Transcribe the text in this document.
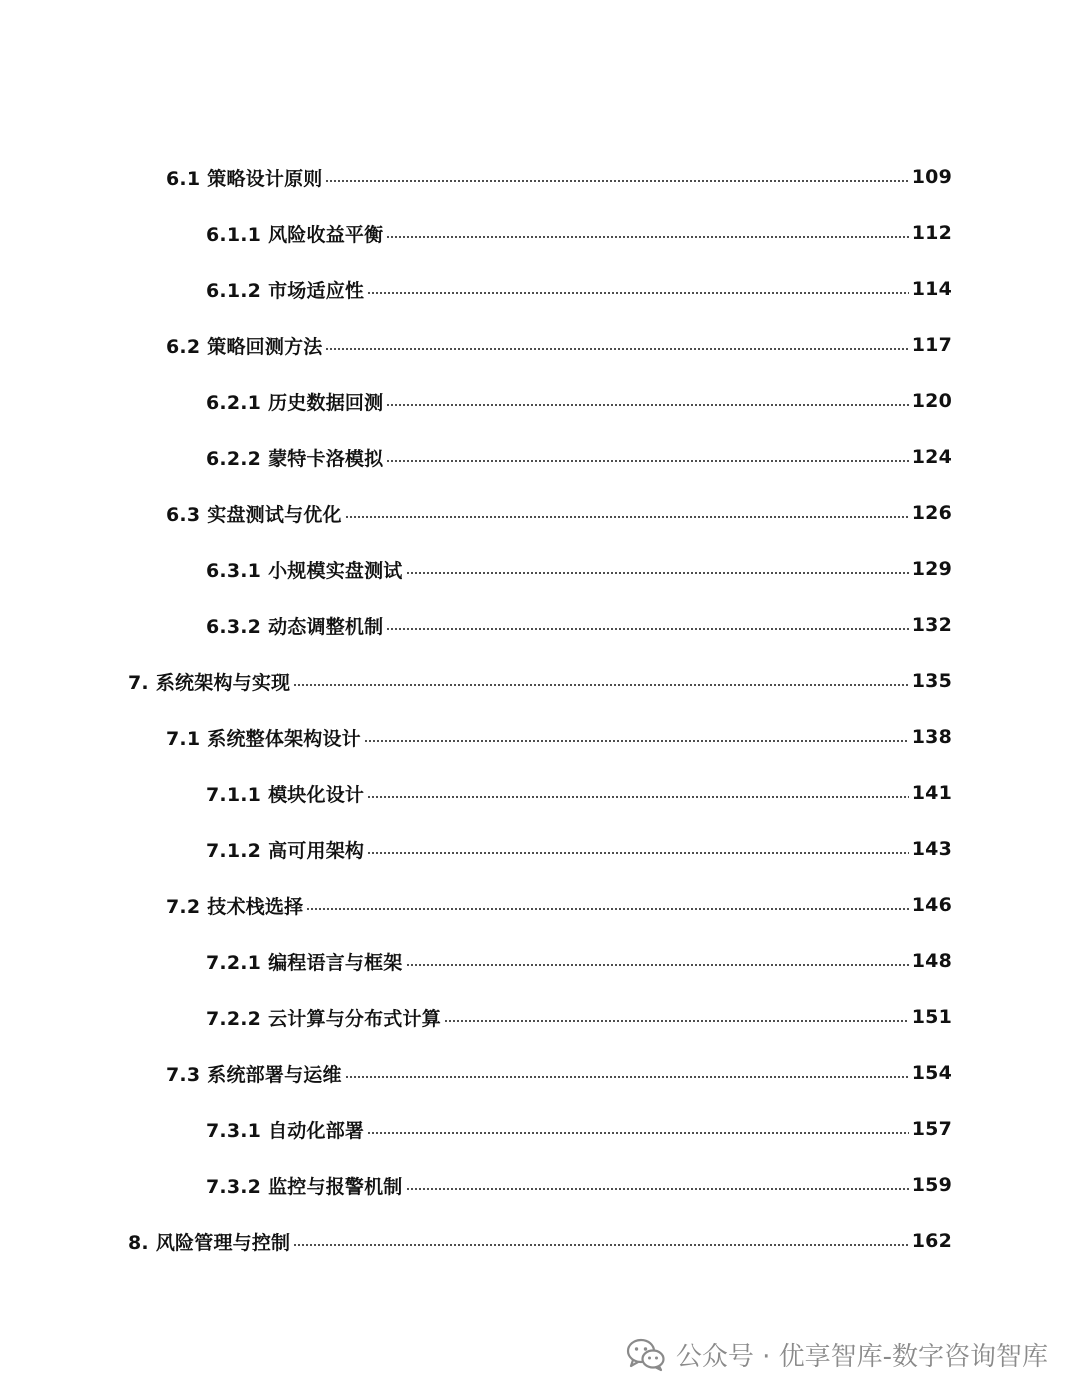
6.1 策略设计原则	109
6.1.1 风险收益平衡	112
6.1.2 市场适应性	114
6.2 策略回测方法	117
6.2.1 历史数据回测	120
6.2.2 蒙特卡洛模拟	124
6.3 实盘测试与优化	126
6.3.1 小规模实盘测试	129
6.3.2 动态调整机制	132
7. 系统架构与实现	135
7.1 系统整体架构设计	138
7.1.1 模块化设计	141
7.1.2 高可用架构	143
7.2 技术栈选择	146
7.2.1 编程语言与框架	148
7.2.2 云计算与分布式计算	151
7.3 系统部署与运维	154
7.3.1 自动化部署	157
7.3.2 监控与报警机制	159
8. 风险管理与控制	162
公众号 · 优享智库-数字咨询智库
